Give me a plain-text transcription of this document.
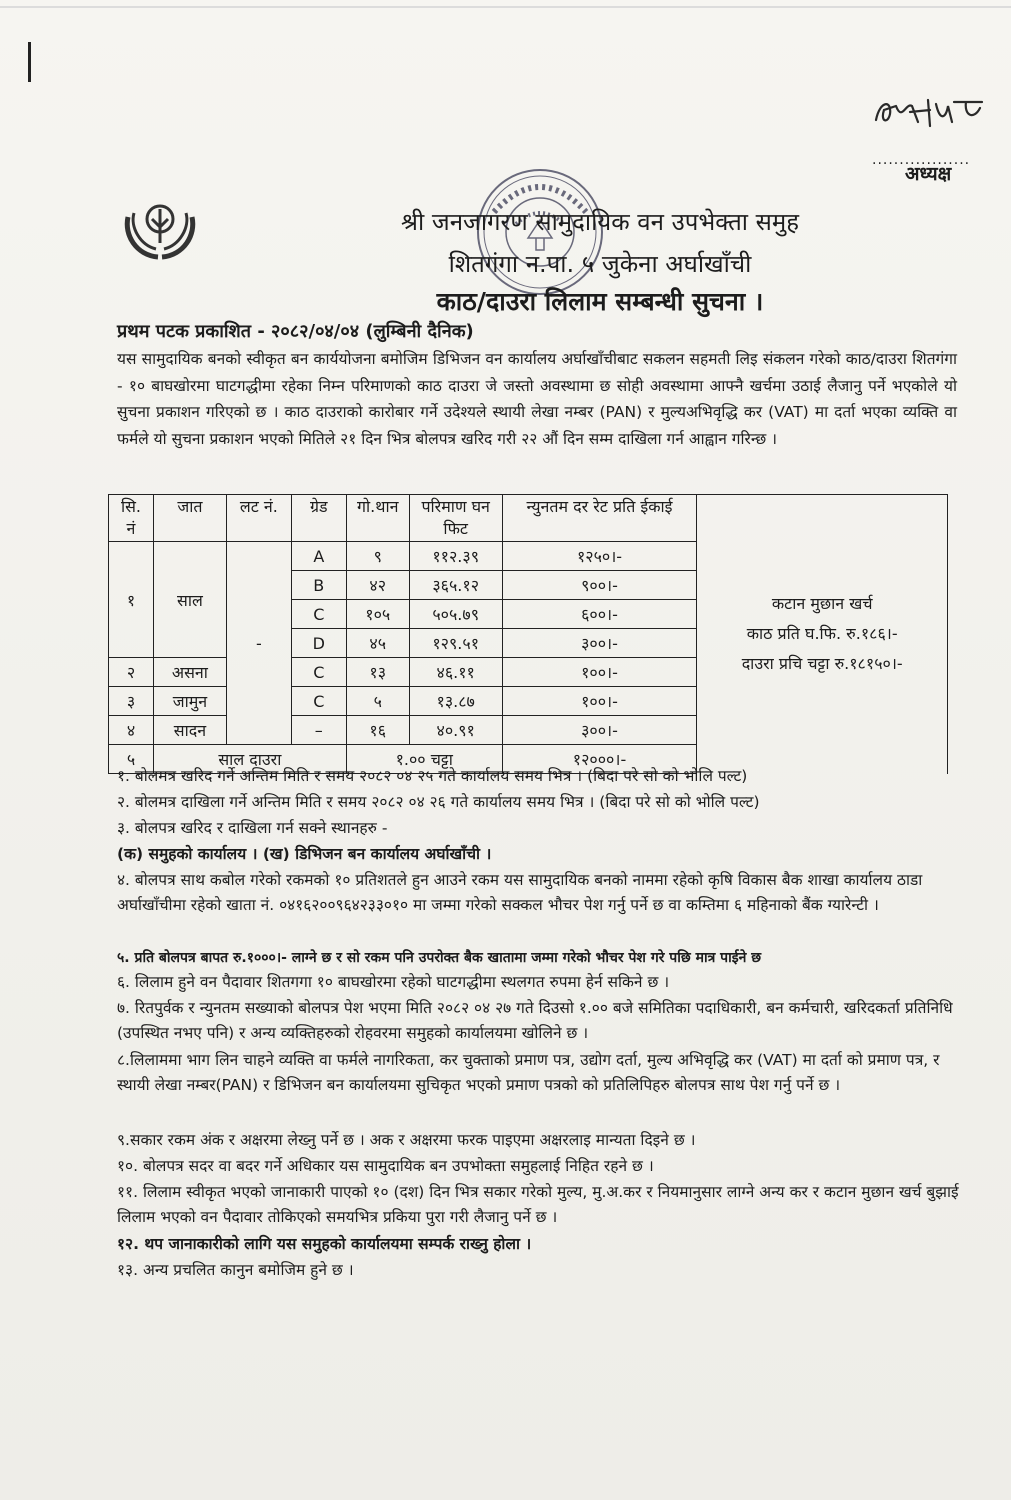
..................
अध्यक्ष
श्री जनजागरण सामुदायिक वन उपभेक्ता समुह
शितगंगा न.पा. ५ जुकेना अर्घाखाँची
काठ/दाउरा लिलाम सम्बन्धी सुचना ।
प्रथम पटक प्रकाशित - २०८२/०४/०४ (लुम्बिनी दैनिक)
यस सामुदायिक बनको स्वीकृत बन कार्ययोजना बमोजिम डिभिजन वन कार्यालय अर्घाखाँचीबाट सकलन सहमती लिइ संकलन गरेको काठ/दाउरा शितगंगा - १० बाघखोरमा घाटगद्धीमा रहेका निम्न परिमाणको काठ दाउरा जे जस्तो अवस्थामा छ सोही अवस्थामा आफ्नै खर्चमा उठाई लैजानु पर्ने भएकोले यो सुचना प्रकाशन गरिएको छ । काठ दाउराको कारोबार गर्ने उदेश्यले स्थायी लेखा नम्बर (PAN) र मुल्यअभिवृद्धि कर (VAT) मा दर्ता भएका व्यक्ति वा फर्मले यो सुचना प्रकाशन भएको मितिले २१ दिन भित्र बोलपत्र खरिद गरी २२ औं दिन सम्म दाखिला गर्न आह्वान गरिन्छ ।
सि. नं	जात	लट नं.	ग्रेड	गो.थान	परिमाण घन फिट	न्युनतम दर रेट प्रति ईकाई	कटान मुछान खर्च
काठ प्रति घ.फि. रु.१८६।-
दाउरा प्रचि चट्टा रु.१८१५०।-

१	साल	-	A	९	११२.३९	१२५०।-	
			B	४२	३६५.१२	९००।-	
			C	१०५	५०५.७९	६००।-	
			D	४५	१२९.५१	३००।-	
२	असना		C	१३	४६.११	१००।-	
३	जामुन		C	५	१३.८७	१००।-	
४	सादन		–	१६	४०.९१	३००।-	
५	साल दाउरा			१.०० चट्टा		१२०००।-	
१. बोलमत्र खरिद गर्ने अन्तिम मिति र समय २०८२ ०४ २५ गते कार्यालय समय भित्र । (बिदा परे सो को भोलि पल्ट)
२. बोलमत्र दाखिला गर्ने अन्तिम मिति र समय २०८२ ०४ २६ गते कार्यालय समय भित्र । (बिदा परे सो को भोलि पल्ट)
३. बोलपत्र खरिद र दाखिला गर्न सक्ने स्थानहरु -
(क) समुहको कार्यालय । (ख) डिभिजन बन कार्यालय अर्घाखाँची ।
४. बोलपत्र साथ कबोल गरेको रकमको १० प्रतिशतले हुन आउने रकम यस सामुदायिक बनको नाममा रहेको कृषि विकास बैक शाखा कार्यालय ठाडा अर्घाखाँचीमा रहेको खाता नं. ०४१६२००९६४२३३०१० मा जम्मा गरेको सक्कल भौचर पेश गर्नु पर्ने छ वा कम्तिमा ६ महिनाको बैंक ग्यारेन्टी ।
५. प्रति बोलपत्र बापत रु.१०००।- लाग्ने छ र सो रकम पनि उपरोक्त बैक खातामा जम्मा गरेको भौचर पेश गरे पछि मात्र पाईने छ
६. लिलाम हुने वन पैदावार शितगगा १० बाघखोरमा रहेको घाटगद्धीमा स्थलगत रुपमा हेर्न सकिने छ ।
७. रितपुर्वक र न्युनतम सख्याको बोलपत्र पेश भएमा मिति २०८२ ०४ २७ गते दिउसो १.०० बजे समितिका पदाधिकारी, बन कर्मचारी, खरिदकर्ता प्रतिनिधि (उपस्थित नभए पनि) र अन्य व्यक्तिहरुको रोहवरमा समुहको कार्यालयमा खोलिने छ ।
८.लिलाममा भाग लिन चाहने व्यक्ति वा फर्मले नागरिकता, कर चुक्ताको प्रमाण पत्र, उद्योग दर्ता, मुल्य अभिवृद्धि कर (VAT) मा दर्ता को प्रमाण पत्र, र स्थायी लेखा नम्बर(PAN) र डिभिजन बन कार्यालयमा सुचिकृत भएको प्रमाण पत्रको को प्रतिलिपिहरु बोलपत्र साथ पेश गर्नु पर्ने छ ।
९.सकार रकम अंक र अक्षरमा लेख्नु पर्ने छ । अक र अक्षरमा फरक पाइएमा अक्षरलाइ मान्यता दिइने छ ।
१०. बोलपत्र सदर वा बदर गर्ने अधिकार यस सामुदायिक बन उपभोक्ता समुहलाई निहित रहने छ ।
११. लिलाम स्वीकृत भएको जानाकारी पाएको १० (दश) दिन भित्र सकार गरेको मुल्य, मु.अ.कर र नियमानुसार लाग्ने अन्य कर र कटान मुछान खर्च बुझाई लिलाम भएको वन पैदावार तोकिएको समयभित्र प्रकिया पुरा गरी लैजानु पर्ने छ ।
१२. थप जानाकारीको लागि यस समुहको कार्यालयमा सम्पर्क राख्नु होला ।
१३. अन्य प्रचलित कानुन बमोजिम हुने छ ।
